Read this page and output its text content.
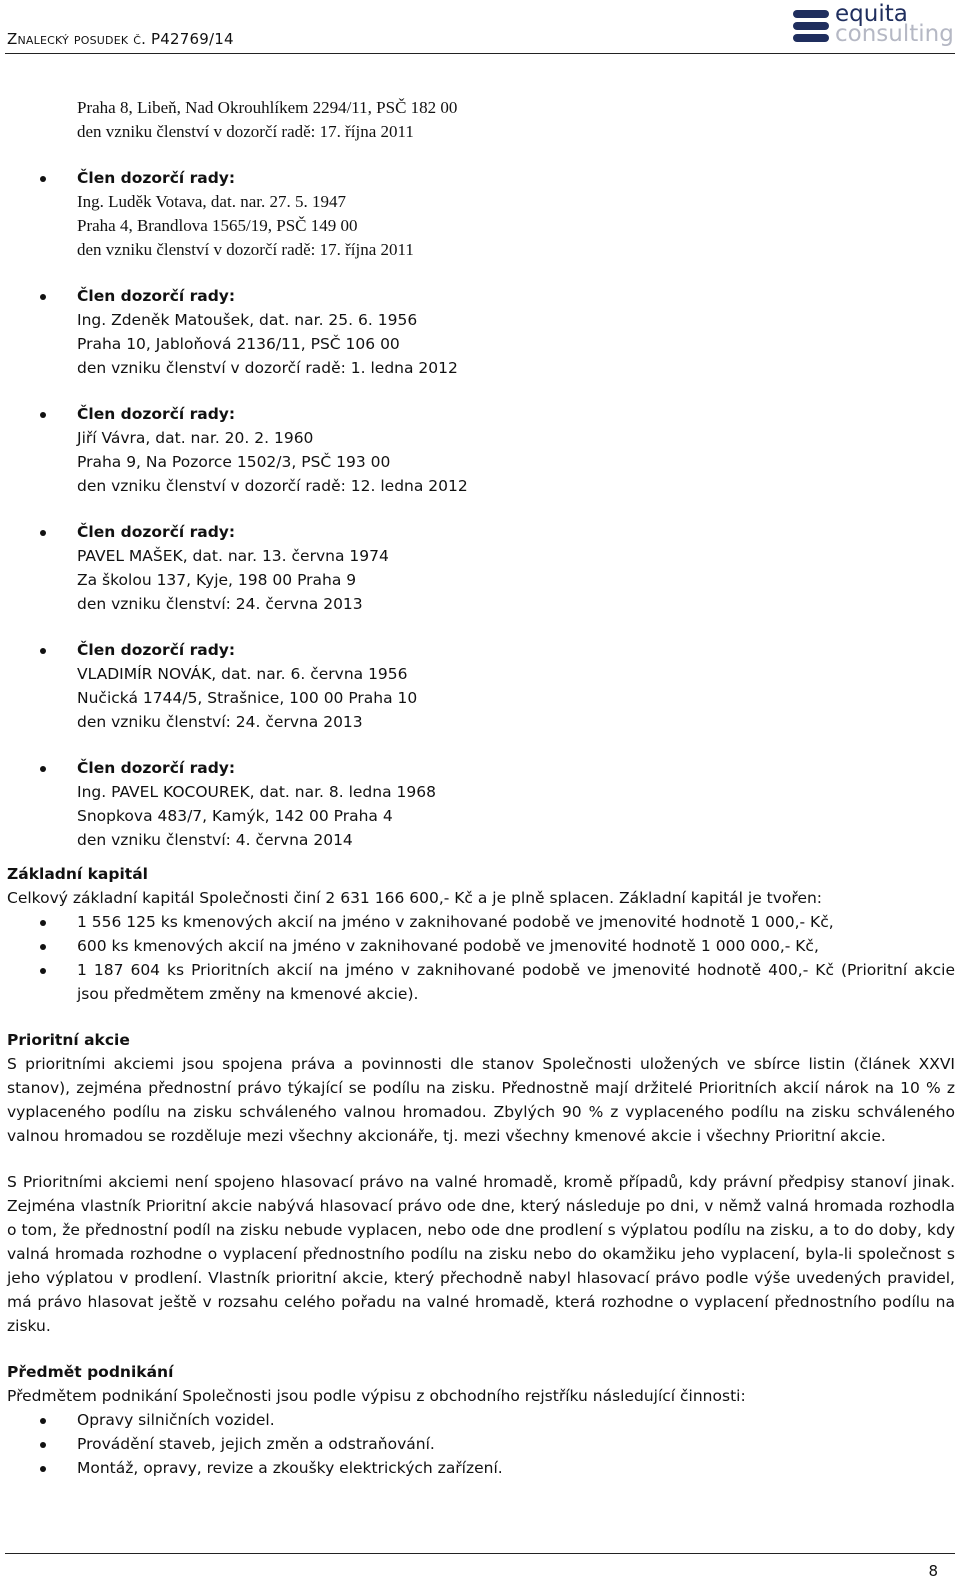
Znalecký posudek č. P42769/14
equita
consulting
Praha 8, Libeň, Nad Okrouhlíkem 2294/11, PSČ 182 00
den vzniku členství v dozorčí radě: 17. října 2011
Člen dozorčí rady:
Ing. Luděk Votava, dat. nar. 27. 5. 1947
Praha 4, Brandlova 1565/19, PSČ 149 00
den vzniku členství v dozorčí radě: 17. října 2011
Člen dozorčí rady:
Ing. Zdeněk Matoušek, dat. nar. 25. 6. 1956
Praha 10, Jabloňová 2136/11, PSČ 106 00
den vzniku členství v dozorčí radě: 1. ledna 2012
Člen dozorčí rady:
Jiří Vávra, dat. nar. 20. 2. 1960
Praha 9, Na Pozorce 1502/3, PSČ 193 00
den vzniku členství v dozorčí radě: 12. ledna 2012
Člen dozorčí rady:
PAVEL MAŠEK, dat. nar. 13. června 1974
Za školou 137, Kyje, 198 00 Praha 9
den vzniku členství: 24. června 2013
Člen dozorčí rady:
VLADIMÍR NOVÁK, dat. nar. 6. června 1956
Nučická 1744/5, Strašnice, 100 00 Praha 10
den vzniku členství: 24. června 2013
Člen dozorčí rady:
Ing. PAVEL KOCOUREK, dat. nar. 8. ledna 1968
Snopkova 483/7, Kamýk, 142 00 Praha 4
den vzniku členství: 4. června 2014
Základní kapitál
Celkový základní kapitál Společnosti činí 2 631 166 600,- Kč a je plně splacen. Základní kapitál je tvořen:
1 556 125 ks kmenových akcií na jméno v zaknihované podobě ve jmenovité hodnotě 1 000,- Kč,
600 ks kmenových akcií na jméno v zaknihované podobě ve jmenovité hodnotě 1 000 000,- Kč,
1 187 604 ks Prioritních akcií na jméno v zaknihované podobě ve jmenovité hodnotě 400,- Kč (Prioritní akcie jsou předmětem změny na kmenové akcie).
Prioritní akcie
S prioritními akciemi jsou spojena práva a povinnosti dle stanov Společnosti uložených ve sbírce listin (článek XXVI stanov), zejména přednostní právo týkající se podílu na zisku. Přednostně mají držitelé Prioritních akcií nárok na 10 % z vyplaceného podílu na zisku schváleného valnou hromadou. Zbylých 90 % z vyplaceného podílu na zisku schváleného valnou hromadou se rozděluje mezi všechny akcionáře, tj. mezi všechny kmenové akcie i všechny Prioritní akcie.
S Prioritními akciemi není spojeno hlasovací právo na valné hromadě, kromě případů, kdy právní předpisy stanoví jinak. Zejména vlastník Prioritní akcie nabývá hlasovací právo ode dne, který následuje po dni, v němž valná hromada rozhodla o tom, že přednostní podíl na zisku nebude vyplacen, nebo ode dne prodlení s výplatou podílu na zisku, a to do doby, kdy valná hromada rozhodne o vyplacení přednostního podílu na zisku nebo do okamžiku jeho vyplacení, byla-li společnost s jeho výplatou v prodlení. Vlastník prioritní akcie, který přechodně nabyl hlasovací právo podle výše uvedených pravidel, má právo hlasovat ještě v rozsahu celého pořadu na valné hromadě, která rozhodne o vyplacení přednostního podílu na zisku.
Předmět podnikání
Předmětem podnikání Společnosti jsou podle výpisu z obchodního rejstříku následující činnosti:
Opravy silničních vozidel.
Provádění staveb, jejich změn a odstraňování.
Montáž, opravy, revize a zkoušky elektrických zařízení.
8
